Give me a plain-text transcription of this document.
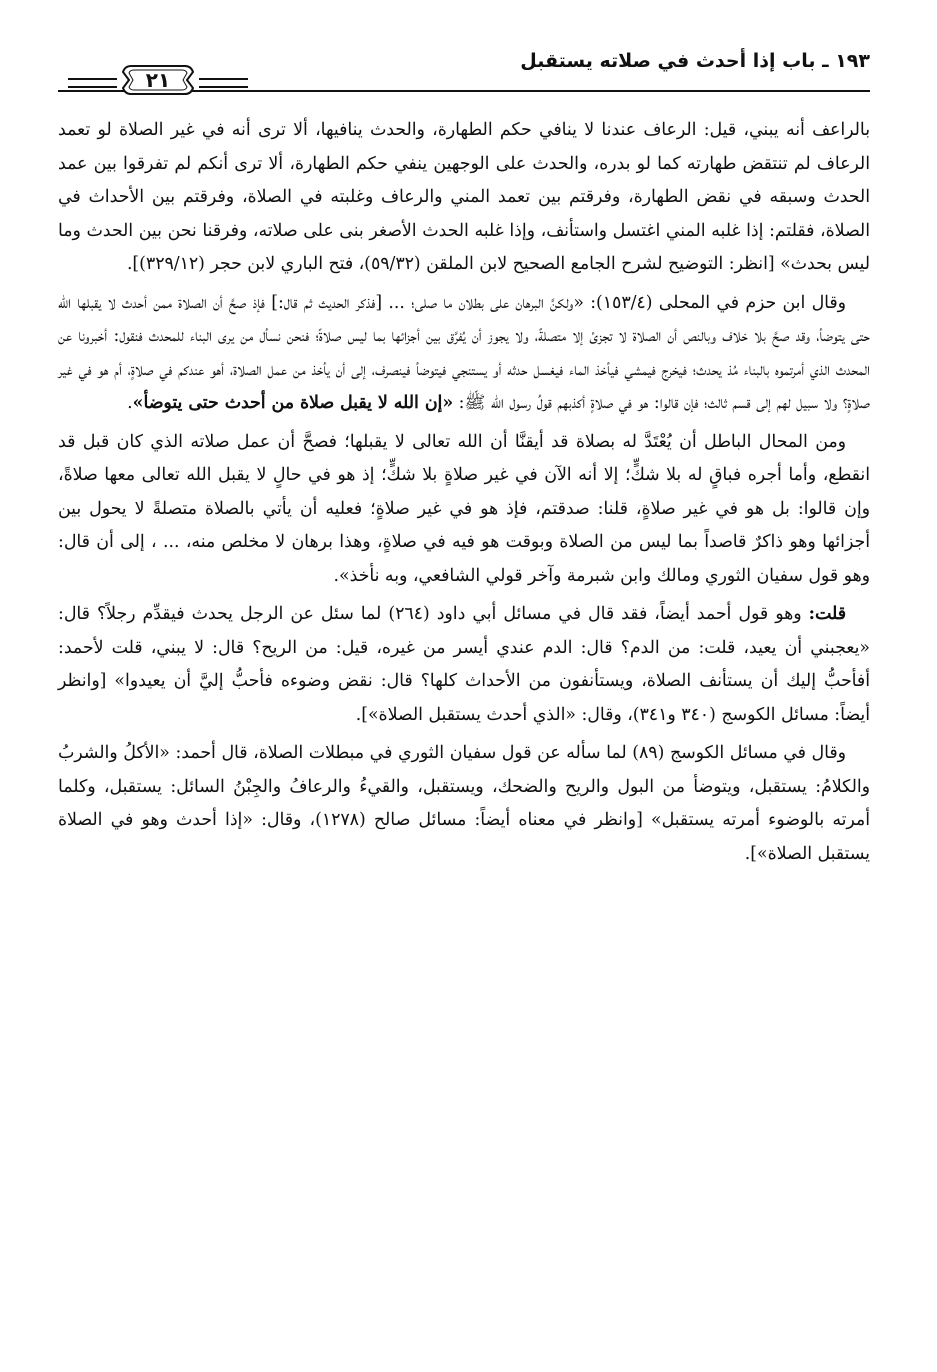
١٩٣ ـ باب إذا أحدث في صلاته يستقبل
٢١

بالراعف أنه يبني، قيل: الرعاف عندنا لا ينافي حكم الطهارة، والحدث ينافيها، ألا ترى أنه في غير الصلاة لو تعمد الرعاف لم تنتقض طهارته كما لو بدره، والحدث على الوجهين ينفي حكم الطهارة، ألا ترى أنكم لم تفرقوا بين عمد الحدث وسبقه في نقض الطهارة، وفرقتم بين تعمد المني والرعاف وغلبته في الصلاة، وفرقتم بين الأحداث في الصلاة، فقلتم: إذا غلبه المني اغتسل واستأنف، وإذا غلبه الحدث الأصغر بنى على صلاته، وفرقنا نحن بين الحدث وما ليس بحدث» [انظر: التوضيح لشرح الجامع الصحيح لابن الملقن (٥٩/٣٢)، فتح الباري لابن حجر (٣٢٩/١٢)].

وقال ابن حزم في المحلى (١٥٣/٤): «ولكنَّ البرهان على بطلان ما صلى؛ ... [فذكر الحديث ثم قال:] فإذ صحَّ أن الصلاة ممن أحدث لا يقبلها الله حتى يتوضأ، وقد صحَّ بلا خلاف وبالنص أن الصلاة لا تجزئ إلا متصلةً، ولا يجوز أن يُفرَّق بين أجزائها بما ليس صلاةً؛ فنحن نسأل من يرى البناء للمحدث فنقول: أخبرونا عن المحدث الذي أمرتموه بالبناء مُذ يحدث؛ فيخرج فيمشي فيأخذ الماء فيغسل حدثه أو يستنجي فيتوضأ فينصرف، إلى أن يأخذ من عمل الصلاة، أهو عندكم في صلاةٍ، أم هو في غير صلاةٍ؟ ولا سبيل لهم إلى قسم ثالث؛ فإن قالوا: هو في صلاةٍ أكذبهم قولُ رسول الله ﷺ: «إن الله لا يقبل صلاة من أحدث حتى يتوضأ».

ومن المحال الباطل أن يُعْتَدَّ له بصلاة قد أيقنَّا أن الله تعالى لا يقبلها؛ فصحَّ أن عمل صلاته الذي كان قبل قد انقطع، وأما أجره فباقٍ له بلا شكٍّ؛ إلا أنه الآن في غير صلاةٍ بلا شكٍّ؛ إذ هو في حالٍ لا يقبل الله تعالى معها صلاةً، وإن قالوا: بل هو في غير صلاةٍ، قلنا: صدقتم، فإذ هو في غير صلاةٍ؛ فعليه أن يأتي بالصلاة متصلةً لا يحول بين أجزائها وهو ذاكرٌ قاصداً بما ليس من الصلاة وبوقت هو فيه في صلاةٍ، وهذا برهان لا مخلص منه، ... ، إلى أن قال: وهو قول سفيان الثوري ومالك وابن شبرمة وآخر قولي الشافعي، وبه نأخذ».

قلت: وهو قول أحمد أيضاً، فقد قال في مسائل أبي داود (٢٦٤) لما سئل عن الرجل يحدث فيقدِّم رجلاً؟ قال: «يعجبني أن يعيد، قلت: من الدم؟ قال: الدم عندي أيسر من غيره، قيل: من الريح؟ قال: لا يبني، قلت لأحمد: أفأحبُّ إليك أن يستأنف الصلاة، ويستأنفون من الأحداث كلها؟ قال: نقض وضوءه فأحبُّ إليَّ أن يعيدوا» [وانظر أيضاً: مسائل الكوسج (٣٤٠ و٣٤١)، وقال: «الذي أحدث يستقبل الصلاة»].

وقال في مسائل الكوسج (٨٩) لما سأله عن قول سفيان الثوري في مبطلات الصلاة، قال أحمد: «الأكلُ والشربُ والكلامُ: يستقبل، ويتوضأ من البول والريح والضحك، ويستقبل، والقيءُ والرعافُ والجِبْنُ السائل: يستقبل، وكلما أمرته بالوضوء أمرته يستقبل» [وانظر في معناه أيضاً: مسائل صالح (١٢٧٨)، وقال: «إذا أحدث وهو في الصلاة يستقبل الصلاة»].
